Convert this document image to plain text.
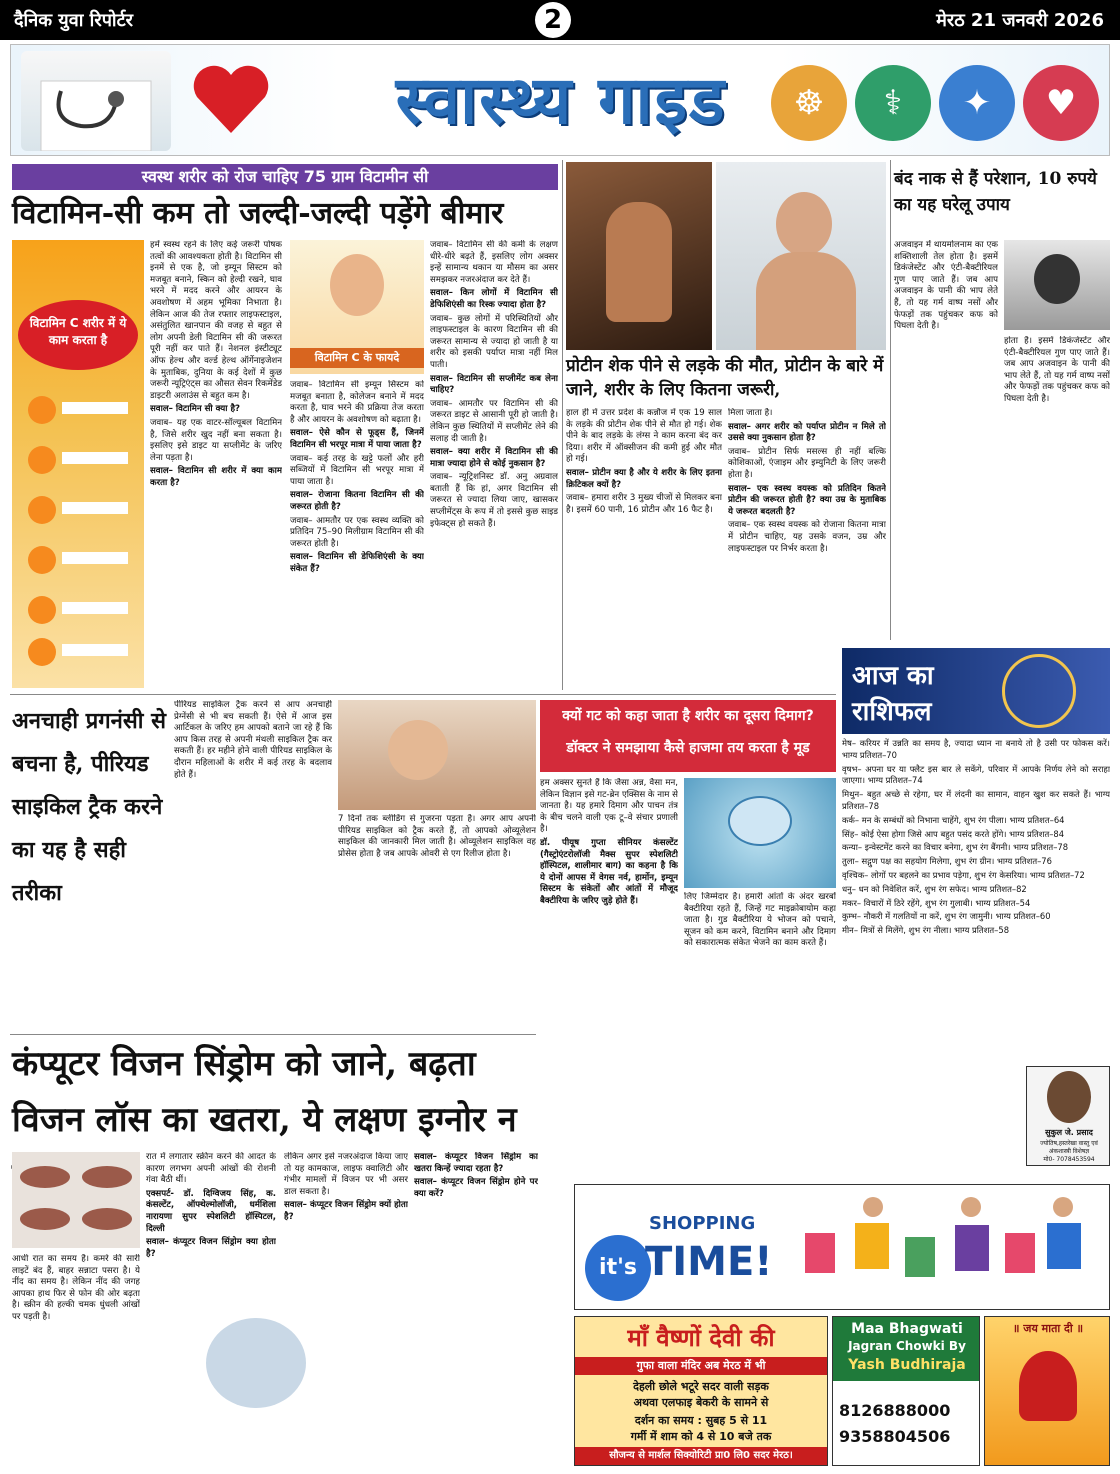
दैनिक युवा रिपोर्टर	2	मेरठ 21 जनवरी 2026
स्वास्थ्य गाइड	☸	⚕	✦	♥
स्वस्थ शरीर को रोज चाहिए 75 ग्राम विटामीन सी
विटामिन-सी कम तो जल्दी-जल्दी पड़ेंगे बीमार
विटामिन C शरीर में ये काम करता है

हमें स्वस्थ रहने के लिए कई जरूरी पोषक तत्वों की आवश्यकता होती है। विटामिन सी इनमें से एक है, जो इम्यून सिस्टम को मजबूत बनाने, स्किन को हेल्दी रखने, घाव भरने में मदद करने और आयरन के अवशोषण में अहम भूमिका निभाता है। लेकिन आज की तेज रफ्तार लाइफस्टाइल, असंतुलित खानपान की वजह से बहुत से लोग अपनी डेली विटामिन सी की जरूरत पूरी नहीं कर पाते हैं। नेशनल इंस्टीट्यूट ऑफ हेल्थ और वर्ल्ड हेल्थ ऑर्गेनाइजेशन के मुताबिक, दुनिया के कई देशों में कुछ जरूरी न्यूट्रिएंट्स का औसत सेवन रिकमेंडेड डाइटरी अलाउंस से बहुत कम है।

सवाल– विटामिन सी क्या है?

जवाब– यह एक वाटर-सॉल्यूबल विटामिन है, जिसे शरीर खुद नहीं बना सकता है। इसलिए इसे डाइट या सप्लीमेंट के जरिए लेना पड़ता है।

सवाल– विटामिन सी शरीर में क्या काम करता है?

विटामिन C के फायदे

जवाब– विटामिन सी इम्यून सिस्टम को मजबूत बनाता है, कोलेजन बनाने में मदद करता है, घाव भरने की प्रक्रिया तेज करता है और आयरन के अवशोषण को बढ़ाता है।

सवाल– ऐसे कौन से फूड्स हैं, जिनमें विटामिन सी भरपूर मात्रा में पाया जाता है?

जवाब– कई तरह के खट्टे फलों और हरी सब्जियों में विटामिन सी भरपूर मात्रा में पाया जाता है।

सवाल– रोजाना कितना विटामिन सी की जरूरत होती है?

जवाब– आमतौर पर एक स्वस्थ व्यक्ति को प्रतिदिन 75–90 मिलीग्राम विटामिन सी की जरूरत होती है।

सवाल– विटामिन सी डेफिशिएंसी के क्या संकेत हैं?

जवाब– विटामिन सी की कमी के लक्षण धीरे-धीरे बढ़ते हैं, इसलिए लोग अक्सर इन्हें सामान्य थकान या मौसम का असर समझकर नजरअंदाज कर देते हैं।

सवाल– किन लोगों में विटामिन सी डेफिशिएंसी का रिस्क ज्यादा होता है?

जवाब– कुछ लोगों में परिस्थितियों और लाइफस्टाइल के कारण विटामिन सी की जरूरत सामान्य से ज्यादा हो जाती है या शरीर को इसकी पर्याप्त मात्रा नहीं मिल पाती।

सवाल– विटामिन सी सप्लीमेंट कब लेना चाहिए?

जवाब– आमतौर पर विटामिन सी की जरूरत डाइट से आसानी पूरी हो जाती है। लेकिन कुछ स्थितियों में सप्लीमेंट लेने की सलाह दी जाती है।

सवाल– क्या शरीर में विटामिन सी की मात्रा ज्यादा होने से कोई नुकसान है?

जवाब– न्यूट्रिशनिस्ट डॉ. अनु अग्रवाल बताती हैं कि हां, अगर विटामिन सी जरूरत से ज्यादा लिया जाए, खासकर सप्लीमेंट्स के रूप में तो इससे कुछ साइड इफेक्ट्स हो सकते हैं।

प्रोटीन शेक पीने से लड़के की मौत, प्रोटीन के बारे में जाने, शरीर के लिए कितना जरूरी,

हाल ही में उत्तर प्रदेश के कन्नौज में एक 19 साल के लड़के की प्रोटीन शेक पीने से मौत हो गई। शेक पीने के बाद लड़के के लंग्स ने काम करना बंद कर दिया। शरीर में ऑक्सीजन की कमी हुई और मौत हो गई।

सवाल– प्रोटीन क्या है और ये शरीर के लिए इतना क्रिटिकल क्यों है?

जवाब– हमारा शरीर 3 मुख्य चीजों से मिलकर बना है। इसमें 60 पानी, 16 प्रोटीन और 16 फैट है।

मिला जाता है।

सवाल– अगर शरीर को पर्याप्त प्रोटीन न मिले तो उससे क्या नुकसान होता है?

जवाब– प्रोटीन सिर्फ मसल्स ही नहीं बल्कि कोशिकाओं, एंजाइम और इम्युनिटी के लिए जरूरी होता है।

सवाल– एक स्वस्थ वयस्क को प्रतिदिन कितने प्रोटीन की जरूरत होती है? क्या उम्र के मुताबिक ये जरूरत बदलती है?

जवाब– एक स्वस्थ वयस्क को रोजाना कितना मात्रा में प्रोटीन चाहिए, यह उसके वजन, उम्र और लाइफस्टाइल पर निर्भर करता है।

बंद नाक से हैं परेशान, 10 रुपये का यह घरेलू उपाय

अजवाइन में थायमोलनाम का एक शक्तिशाली तेल होता है। इसमें डिकंजेस्टेंट और एंटी-बैक्टीरियल गुण पाए जाते हैं। जब आप अजवाइन के पानी की भाप लेते हैं, तो यह गर्म वाष्प नसों और फेफड़ों तक पहुंचकर कफ को पिघला देती है।

होता है। इसमें डिकंजेस्टेंट और एंटी-बैक्टीरियल गुण पाए जाते हैं। जब आप अजवाइन के पानी की भाप लेते हैं, तो यह गर्म वाष्प नसों और फेफड़ों तक पहुंचकर कफ को पिघला देती है।

आज का
राशिफल

मेष– करियर में उन्नति का समय है, ज्यादा ध्यान ना बनाये तो है उसी पर फोकस करें। भाग्य प्रतिशत–70

वृषभ– अपना घर या फ्लैट इस बार ले सकेंगे, परिवार में आपके निर्णय लेने को सराहा जाएगा। भाग्य प्रतिशत–74

मिथुन– बहुत अच्छे से रहेगा, घर में लंदनी का सामान, वाहन खुश कर सकते हैं। भाग्य प्रतिशत–78

कर्क– मन के सम्बंधों को निभाना चाहेंगे, शुभ रंग पीला। भाग्य प्रतिशत–64

सिंह– कोई ऐसा होगा जिसे आप बहुत पसंद करते होंगे। भाग्य प्रतिशत–84

कन्या– इन्वेस्टमेंट करने का विचार बनेगा, शुभ रंग बैंगनी। भाग्य प्रतिशत–78

तुला– सद्गुण पक्ष का सहयोग मिलेगा, शुभ रंग ग्रीन। भाग्य प्रतिशत–76

वृश्चिक– लोगों पर बहलने का प्रभाव पड़ेगा, शुभ रंग केसरिया। भाग्य प्रतिशत–72

धनु– धन को निवेशित करें, शुभ रंग सफेद। भाग्य प्रतिशत–82

मकर– विचारों में ठिरे रहेंगे, शुभ रंग गुलाबी। भाग्य प्रतिशत–54

कुम्भ– नौकरी में गलतियों ना करें, शुभ रंग जामुनी। भाग्य प्रतिशत–60

मीन– मित्रों से मिलेंगे, शुभ रंग नीला। भाग्य प्रतिशत–58

सुकुल जे. प्रसाद
ज्योतिष,हस्तरेखा वास्तु एवं अंकशास्त्री विशेषज्ञ
मो0- 7078453594
अनचाही प्रगनंसी से बचना है, पीरियड साइकिल ट्रैक करने का यह है सही तरीका

पीरियड साइकिल ट्रैक करने से आप अनचाही प्रेग्नेंसी से भी बच सकती हैं। ऐसे में आज इस आर्टिकल के जरिए हम आपको बताने जा रहे हैं कि आप किस तरह से अपनी मंथली साइकिल ट्रैक कर सकती हैं। हर महीने होने वाली पीरियड साइकिल के दौरान महिलाओं के शरीर में कई तरह के बदलाव होते हैं।

7 दिनों तक ब्लीडिंग से गुजरना पड़ता है। अगर आप अपनी पीरियड साइकिल को ट्रैक करते हैं, तो आपको ओव्यूलेशन साइकिल की जानकारी मिल जाती है। ओव्यूलेशन साइकिल वह प्रोसेस होता है जब आपके ओवरी से एग रिलीज होता है।

क्यों गट को कहा जाता है शरीर का दूसरा दिमाग?
डॉक्टर ने समझाया कैसे हाजमा तय करता है मूड

हम अक्सर सुनते हैं कि जैसा अन्न, वैसा मन, लेकिन विज्ञान इसे गट-ब्रेन एक्सिस के नाम से जानता है। यह हमारे दिमाग और पाचन तंत्र के बीच चलने वाली एक टू–वे संचार प्रणाली है।

डॉ. पीयूष गुप्ता सीनियर कंसल्टेंट (गैस्ट्रोएंटरोलॉजी मैक्स सुपर स्पेशलिटी हॉस्पिटल, शालीमार बाग) का कहना है कि ये दोनों आपस में वेगस नर्व, हार्मोन, इम्यून सिस्टम के संकेतों और आंतों में मौजूद बैक्टीरिया के जरिए जुड़े होते हैं।	लिए जिम्मेदार है। हमारी आंतों के अंदर खरबों बैक्टीरिया रहते हैं, जिन्हें गट माइक्रोबायोम कहा जाता है। गुड बैक्टीरिया ये भोजन को पचाने, सूजन को कम करने, विटामिन बनाने और दिमाग को सकारात्मक संकेत भेजने का काम करते हैं।

कंप्यूटर विजन सिंड्रोम को जाने, बढ़ता विजन लॉस का खतरा, ये लक्षण इग्नोर न

आधी रात का समय है। कमरे की सारी लाइटें बंद हैं, बाहर सन्नाटा पसरा है। ये नींद का समय है। लेकिन नींद की जगह आपका हाथ फिर से फोन की ओर बढ़ता है। स्क्रीन की हल्की चमक धुंधली आंखों पर पड़ती है।

रात में लगातार स्क्रीन करने की आदत के कारण लगभग अपनी आंखों की रोशनी गंवा बैठी थीं।

एक्सपर्ट- डॉ. दिग्विजय सिंह, क. कंसल्टेंट, ऑफ्थेल्मोलॉजी, धर्मशिला नारायणा सुपर स्पेशलिटी हॉस्पिटल, दिल्ली

सवाल– कंप्यूटर विजन सिंड्रोम क्या होता है?

लेकिन अगर इसे नजरअंदाज किया जाए तो यह कामकाज, लाइफ क्वालिटी और गंभीर मामलों में विजन पर भी असर डाल सकता है।

सवाल– कंप्यूटर विजन सिंड्रोम क्यों होता है?

सवाल– कंप्यूटर विजन सिंड्रोम का खतरा किन्हें ज्यादा रहता है?

सवाल– कंप्यूटर विजन सिंड्रोम होने पर क्या करें?

it's
SHOPPING
TIME!
माँ वैष्णों देवी की
गुफा वाला मंदिर अब मेरठ में भी
देहली छोले भटूरे सदर वाली सड़क
अथवा एलफाइ बेकरी के सामने से
दर्शन का समय : सुबह 5 से 11
गर्मी में शाम को 4 से 10 बजे तक
सौजन्य से मार्शल सिक्योरिटी प्रा0 लि0 सदर मेरठ।
Maa Bhagwati
Jagran Chowki By
Yash Budhiraja
8126888000
9358804506
॥ जय माता दी ॥
